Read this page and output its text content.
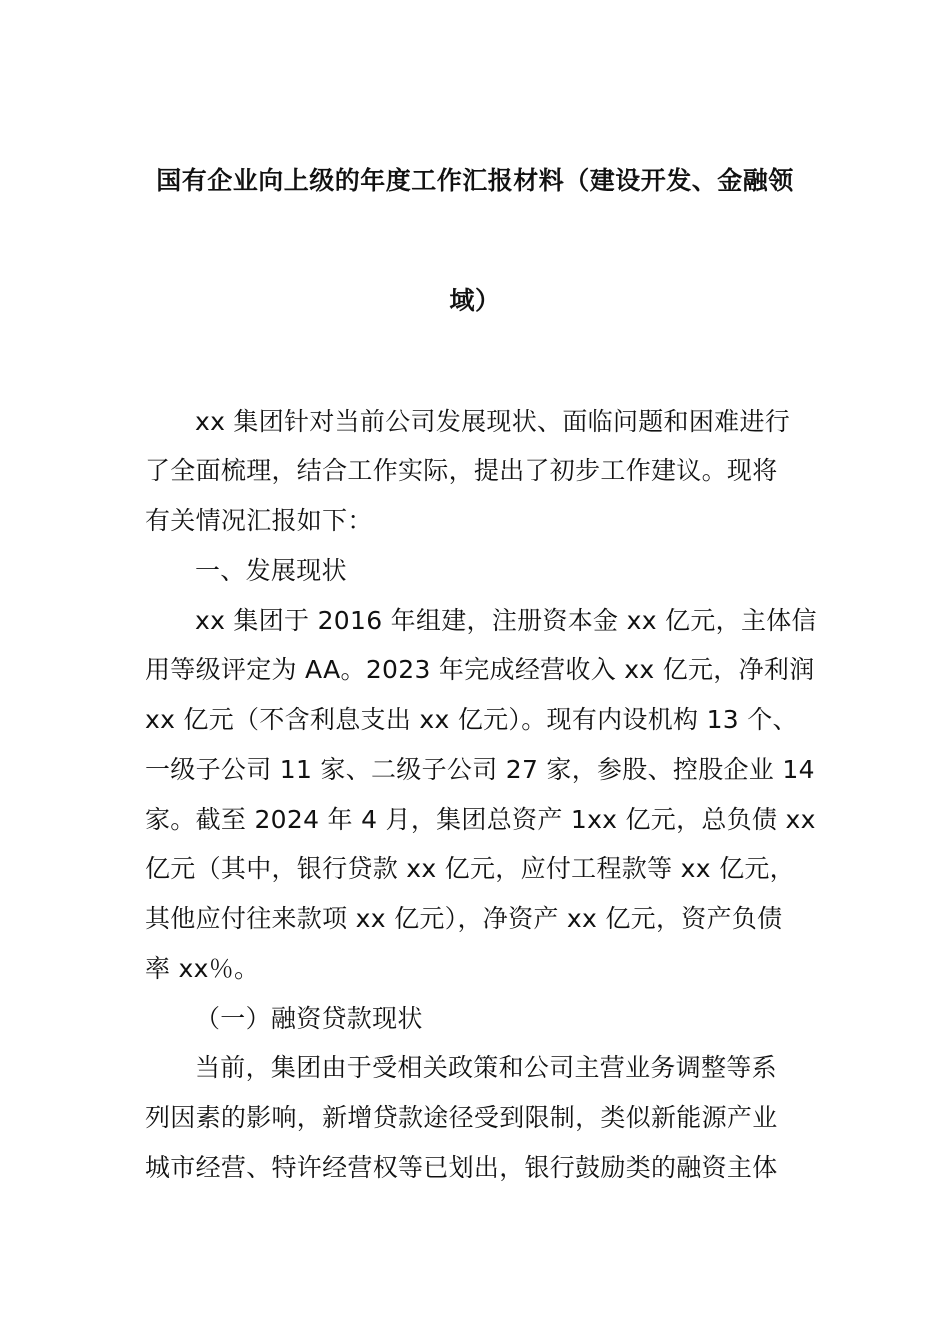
国有企业向上级的年度工作汇报材料（建设开发、金融领
域）
xx 集团针对当前公司发展现状、面临问题和困难进行
了全面梳理，结合工作实际，提出了初步工作建议。现将
有关情况汇报如下：
一、发展现状
xx 集团于 2016 年组建，注册资本金 xx 亿元，主体信
用等级评定为 AA。2023 年完成经营收入 xx 亿元，净利润
xx 亿元（不含利息支出 xx 亿元）。现有内设机构 13 个、
一级子公司 11 家、二级子公司 27 家，参股、控股企业 14
家。截至 2024 年 4 月，集团总资产 1xx 亿元，总负债 xx
亿元（其中，银行贷款 xx 亿元，应付工程款等 xx 亿元，
其他应付往来款项 xx 亿元），净资产 xx 亿元，资产负债
率 xx％。
（一）融资贷款现状
当前，集团由于受相关政策和公司主营业务调整等系
列因素的影响，新增贷款途径受到限制，类似新能源产业
城市经营、特许经营权等已划出，银行鼓励类的融资主体
